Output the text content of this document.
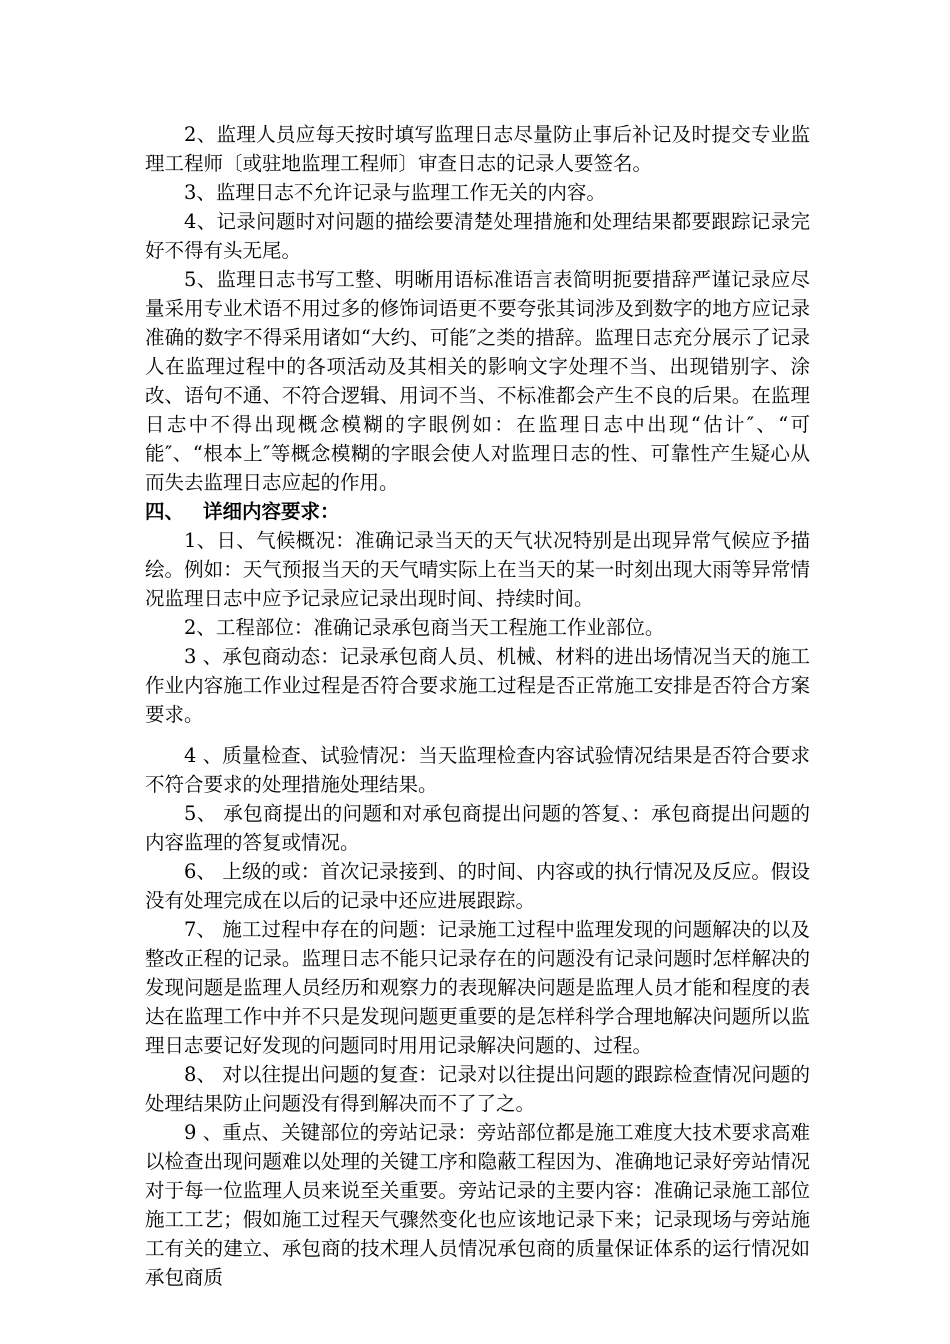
2、监理人员应每天按时填写监理日志尽量防止事后补记及时提交专业监理工程师〔或驻地监理工程师〕审查日志的记录人要签名。

3、监理日志不允许记录与监理工作无关的内容。

4、记录问题时对问题的描绘要清楚处理措施和处理结果都要跟踪记录完好不得有头无尾。

5、监理日志书写工整、明晰用语标准语言表简明扼要措辞严谨记录应尽量采用专业术语不用过多的修饰词语更不要夸张其词涉及到数字的地方应记录准确的数字不得采用诸如“大约、可能″之类的措辞。监理日志充分展示了记录人在监理过程中的各项活动及其相关的影响文字处理不当、出现错别字、涂改、语句不通、不符合逻辑、用词不当、不标准都会产生不良的后果。在监理日志中不得出现概念模糊的字眼例如：在监理日志中出现“估计″、“可能″、“根本上″等概念模糊的字眼会使人对监理日志的性、可靠性产生疑心从而失去监理日志应起的作用。

四、 详细内容要求：

1、日、气候概况：准确记录当天的天气状况特别是出现异常气候应予描绘。例如：天气预报当天的天气晴实际上在当天的某一时刻出现大雨等异常情况监理日志中应予记录应记录出现时间、持续时间。

2、工程部位：准确记录承包商当天工程施工作业部位。

3 、承包商动态：记录承包商人员、机械、材料的进出场情况当天的施工作业内容施工作业过程是否符合要求施工过程是否正常施工安排是否符合方案要求。

4 、质量检查、试验情况：当天监理检查内容试验情况结果是否符合要求不符合要求的处理措施处理结果。

5、 承包商提出的问题和对承包商提出问题的答复、：承包商提出问题的内容监理的答复或情况。

6、 上级的或：首次记录接到、的时间、内容或的执行情况及反应。假设没有处理完成在以后的记录中还应进展跟踪。

7、 施工过程中存在的问题：记录施工过程中监理发现的问题解决的以及整改正程的记录。监理日志不能只记录存在的问题没有记录问题时怎样解决的发现问题是监理人员经历和观察力的表现解决问题是监理人员才能和程度的表达在监理工作中并不只是发现问题更重要的是怎样科学合理地解决问题所以监理日志要记好发现的问题同时用用记录解决问题的、过程。

8、 对以往提出问题的复查：记录对以往提出问题的跟踪检查情况问题的处理结果防止问题没有得到解决而不了了之。

9 、重点、关键部位的旁站记录：旁站部位都是施工难度大技术要求高难以检查出现问题难以处理的关键工序和隐蔽工程因为、准确地记录好旁站情况对于每一位监理人员来说至关重要。旁站记录的主要内容：准确记录施工部位施工工艺；假如施工过程天气骤然变化也应该地记录下来；记录现场与旁站施工有关的建立、承包商的技术理人员情况承包商的质量保证体系的运行情况如承包商质
